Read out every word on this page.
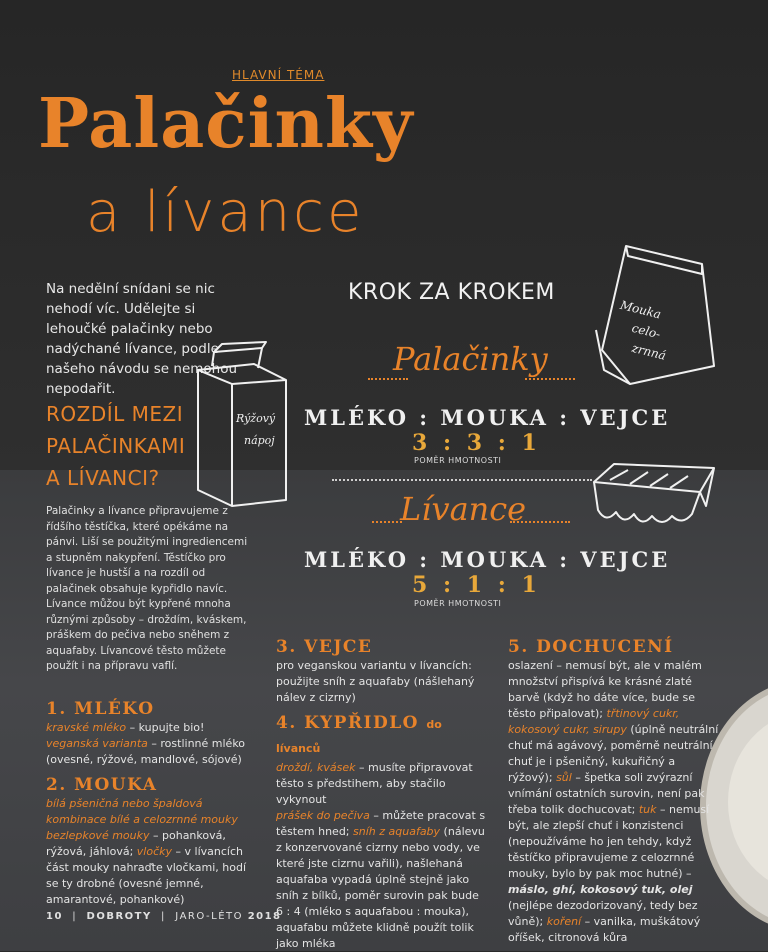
HLAVNÍ TÉMA
Palačinky
a lívance
Na nedělní snídani se nic nehodí víc. Udělejte si lehoučké palačinky nebo nadýchané lívance, podle našeho návodu se nemohou nepodařit.
ROZDÍL MEZI
PALAČINKAMI
A LÍVANCI?
Palačinky a lívance připravujeme z řídšího těstíčka, které opékáme na pánvi. Liší se použitými ingrediencemi a stupněm nakypření. Těstíčko pro lívance je hustší a na rozdíl od palačinek obsahuje kypřidlo navíc. Lívance můžou být kypřené mnoha různými způsoby – droždím, kváskem, práškem do pečiva nebo sněhem z aquafaby. Lívancové těsto můžete použít i na přípravu vaflí.
Rýžový
nápoj
Mouka
celo-
zrnná
KROK ZA KROKEM
Palačinky
MLÉKO : MOUKA : VEJCE
3 : 3 : 1
POMĚR HMOTNOSTI
Lívance
MLÉKO : MOUKA : VEJCE
5 : 1 : 1
POMĚR HMOTNOSTI
1. MLÉKO
kravské mléko – kupujte bio!
veganská varianta – rostlinné mléko (ovesné, rýžové, mandlové, sójové)
2. MOUKA
bílá pšeničná nebo špaldová kombinace bílé a celozrnné mouky
bezlepkové mouky – pohanková, rýžová, jáhlová; vločky – v lívancích část mouky nahraďte vločkami, hodí se ty drobné (ovesné jemné, amarantové, pohankové)
3. VEJCE
pro veganskou variantu v lívancích: použijte sníh z aquafaby (nášlehaný nálev z cizrny)
4. KYPŘIDLO do lívanců
droždí, kvásek – musíte připravovat těsto s předstihem, aby stačilo vykynout
prášek do pečiva – můžete pracovat s těstem hned; sníh z aquafaby (nálevu z konzervované cizrny nebo vody, ve které jste cizrnu vařili), našlehaná aquafaba vypadá úplně stejně jako sníh z bílků, poměr surovin pak bude 6 : 4 (mléko s aquafabou : mouka), aquafabu můžete klidně použít tolik jako mléka
5. DOCHUCENÍ
oslazení – nemusí být, ale v malém množství přispívá ke krásné zlaté barvě (když ho dáte více, bude se těsto připalovat); třtinový cukr, kokosový cukr, sirupy (úplně neutrální chuť má agávový, poměrně neutrální chuť je i pšeničný, kukuřičný a rýžový); sůl – špetka soli zvýrazní vnímání ostatních surovin, není pak třeba tolik dochucovat; tuk – nemusí být, ale zlepší chuť i konzistenci (nepoužíváme ho jen tehdy, když těstíčko připravujeme z celozrnné mouky, bylo by pak moc hutné) – máslo, ghí, kokosový tuk, olej (nejlépe dezodorizovaný, tedy bez vůně); koření – vanilka, muškátový oříšek, citronová kůra
10  |  DOBROTY  |  JARO-LÉTO 2018
